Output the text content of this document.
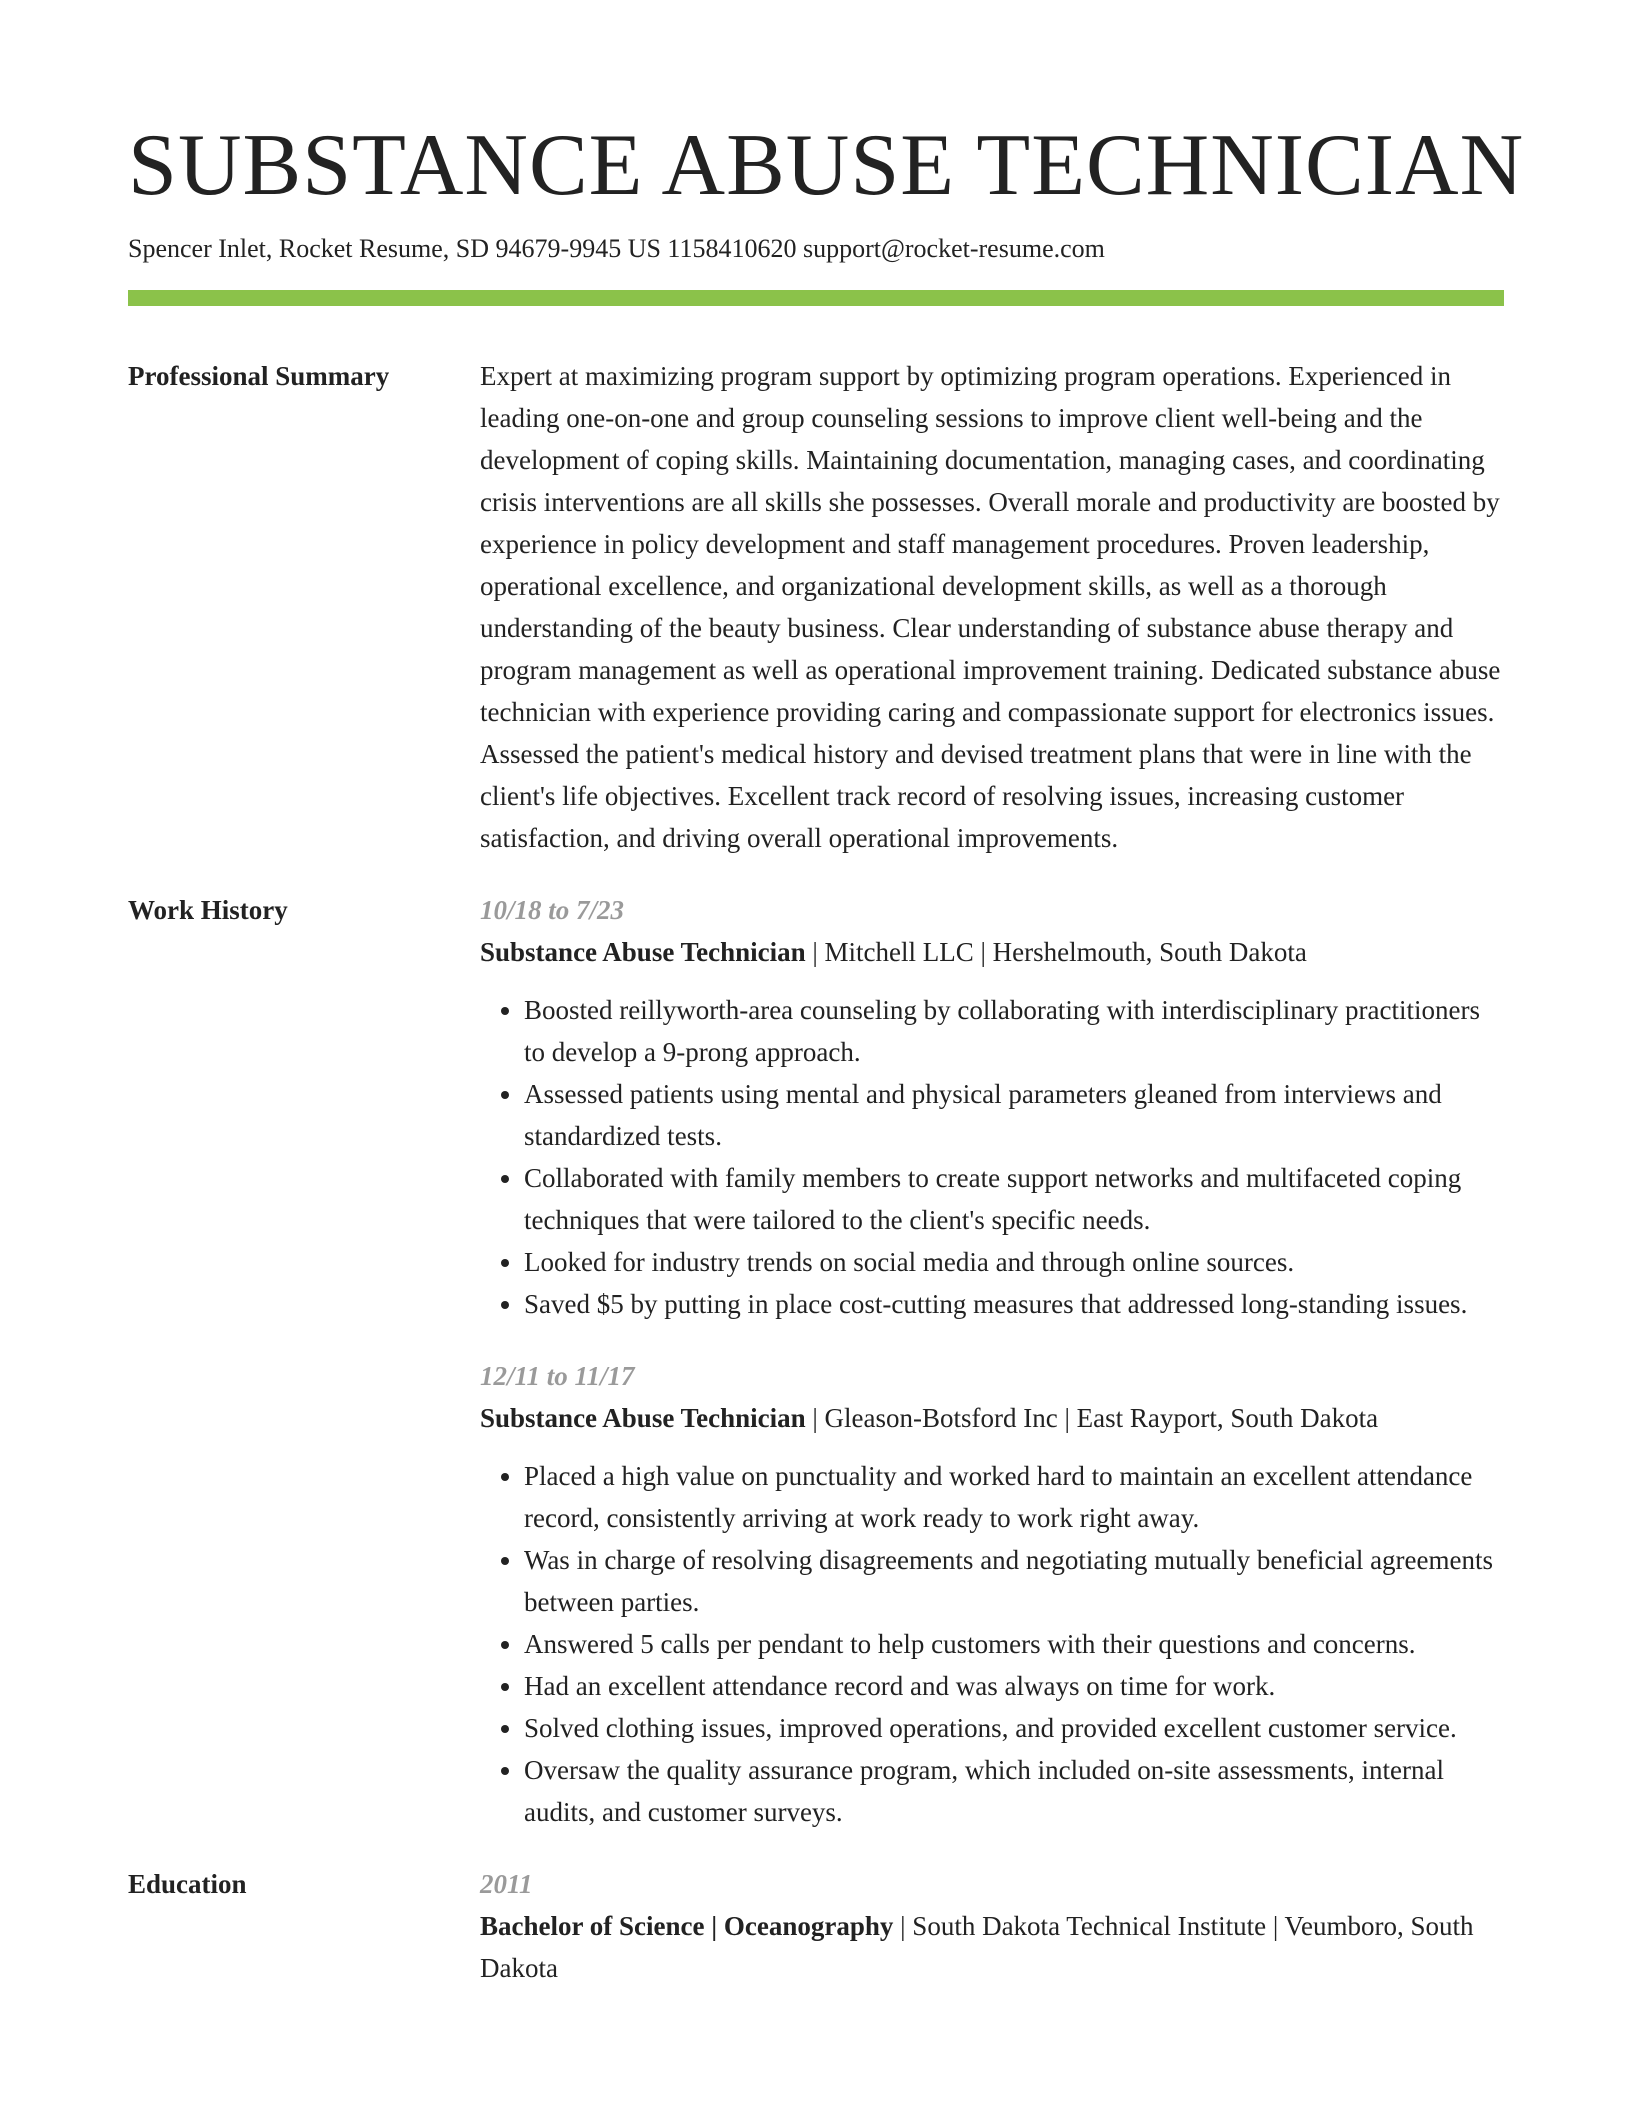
SUBSTANCE ABUSE TECHNICIAN
Spencer Inlet, Rocket Resume, SD 94679-9945 US 1158410620 support@rocket-resume.com
Professional Summary	Expert at maximizing program support by optimizing program operations. Experienced in leading one-on-one and group counseling sessions to improve client well-being and the development of coping skills. Maintaining documentation, managing cases, and coordinating crisis interventions are all skills she possesses. Overall morale and productivity are boosted by experience in policy development and staff management procedures. Proven leadership, operational excellence, and organizational development skills, as well as a thorough understanding of the beauty business. Clear understanding of substance abuse therapy and program management as well as operational improvement training. Dedicated substance abuse technician with experience providing caring and compassionate support for electronics issues. Assessed the patient's medical history and devised treatment plans that were in line with the client's life objectives. Excellent track record of resolving issues, increasing customer satisfaction, and driving overall operational improvements.
Work History	10/18 to 7/23
Substance Abuse Technician | Mitchell LLC | Hershelmouth, South Dakota
• Boosted reillyworth-area counseling by collaborating with interdisciplinary practitioners to develop a 9-prong approach.
• Assessed patients using mental and physical parameters gleaned from interviews and standardized tests.
• Collaborated with family members to create support networks and multifaceted coping techniques that were tailored to the client's specific needs.
• Looked for industry trends on social media and through online sources.
• Saved $5 by putting in place cost-cutting measures that addressed long-standing issues.
12/11 to 11/17
Substance Abuse Technician | Gleason-Botsford Inc | East Rayport, South Dakota
• Placed a high value on punctuality and worked hard to maintain an excellent attendance record, consistently arriving at work ready to work right away.
• Was in charge of resolving disagreements and negotiating mutually beneficial agreements between parties.
• Answered 5 calls per pendant to help customers with their questions and concerns.
• Had an excellent attendance record and was always on time for work.
• Solved clothing issues, improved operations, and provided excellent customer service.
• Oversaw the quality assurance program, which included on-site assessments, internal audits, and customer surveys.
Education	2011
Bachelor of Science | Oceanography | South Dakota Technical Institute | Veumboro, South Dakota
